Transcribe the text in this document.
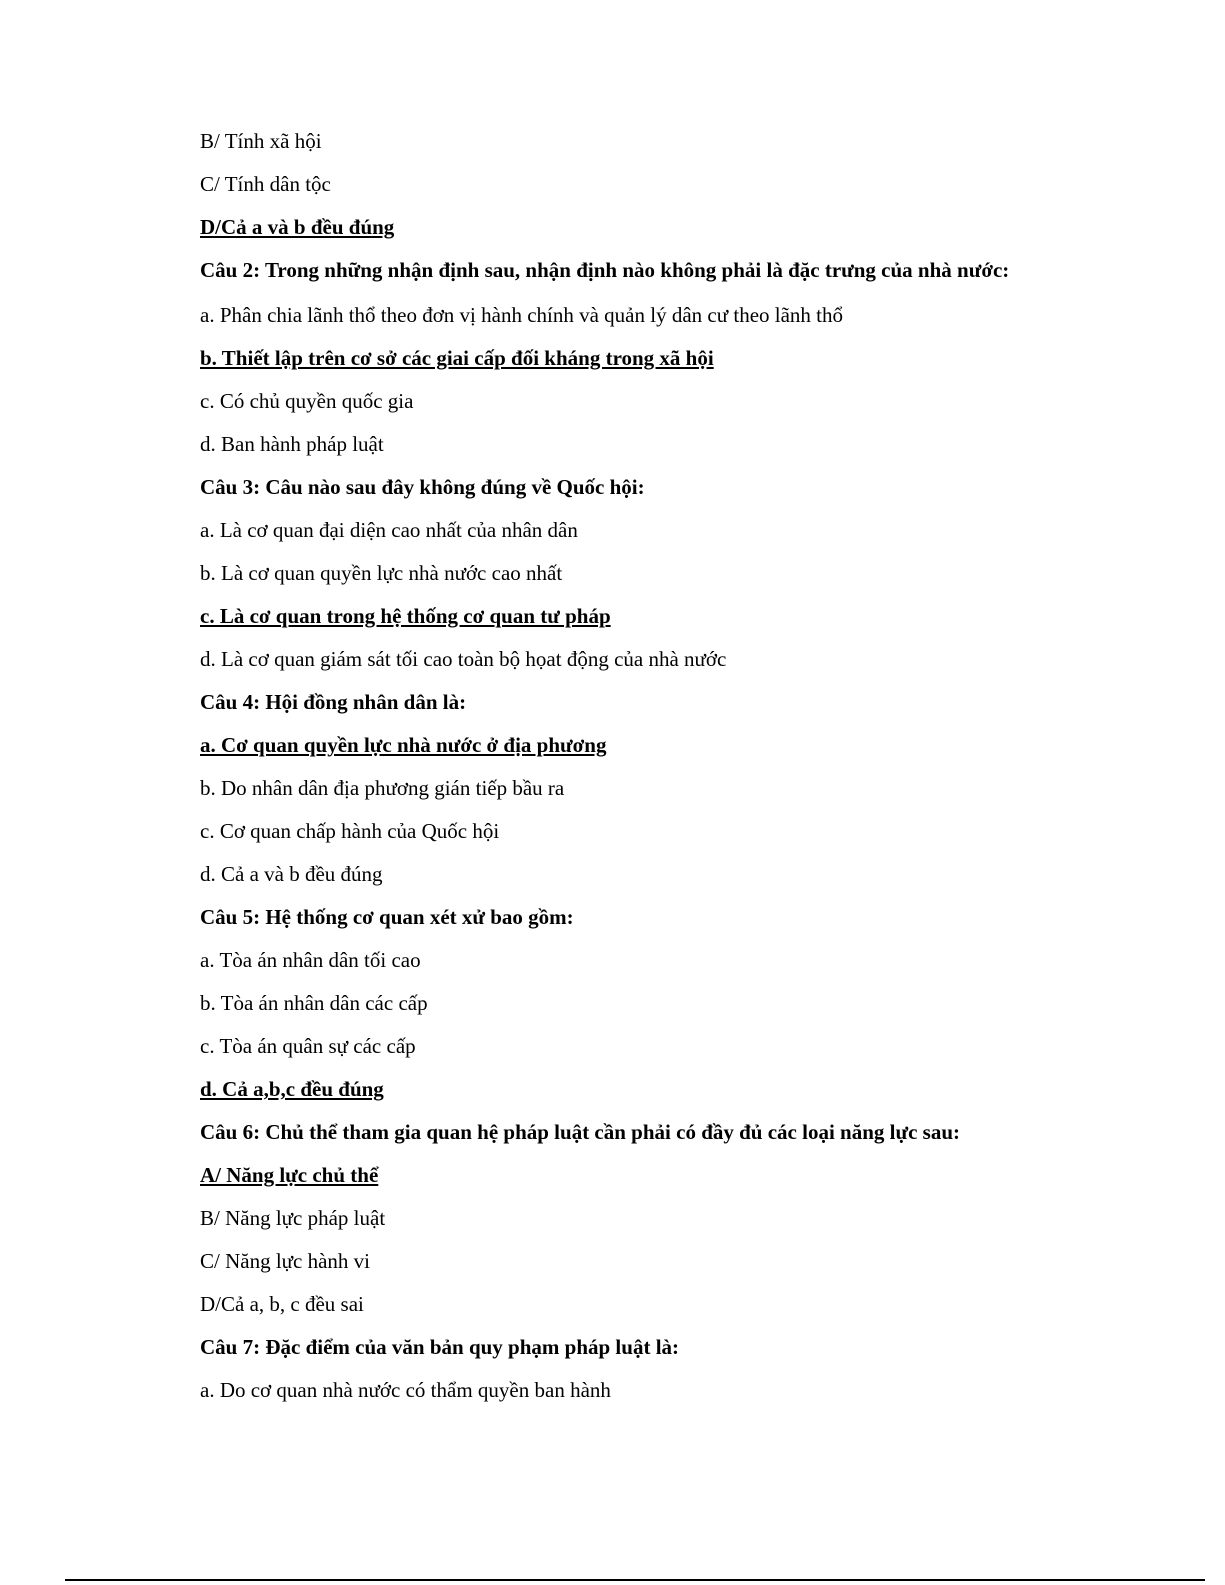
B/ Tính xã hội

C/ Tính dân tộc

D/Cả a và b đều đúng

Câu 2: Trong những nhận định sau, nhận định nào không phải là đặc trưng của nhà nước:

a. Phân chia lãnh thổ theo đơn vị hành chính và quản lý dân cư theo lãnh thổ

b. Thiết lập trên cơ sở các giai cấp đối kháng trong xã hội

c. Có chủ quyền quốc gia

d. Ban hành pháp luật

Câu 3: Câu nào sau đây không đúng về Quốc hội:

a. Là cơ quan đại diện cao nhất của nhân dân

b. Là cơ quan quyền lực nhà nước cao nhất

c. Là cơ quan trong hệ thống cơ quan tư pháp

d. Là cơ quan giám sát tối cao toàn bộ họat động của nhà nước

Câu 4: Hội đồng nhân dân là:

a. Cơ quan quyền lực nhà nước ở địa phương

b. Do nhân dân địa phương gián tiếp bầu ra

c. Cơ quan chấp hành của Quốc hội

d. Cả a và b đều đúng

Câu 5: Hệ thống cơ quan xét xử bao gồm:

a. Tòa án nhân dân tối cao

b. Tòa án nhân dân các cấp

c. Tòa án quân sự các cấp

d. Cả a,b,c đều đúng

Câu 6: Chủ thể tham gia quan hệ pháp luật cần phải có đầy đủ các loại năng lực sau:

A/ Năng lực chủ thể

B/ Năng lực pháp luật

C/ Năng lực hành vi

D/Cả a, b, c đều sai

Câu 7: Đặc điểm của văn bản quy phạm pháp luật là:

a. Do cơ quan nhà nước có thẩm quyền ban hành
